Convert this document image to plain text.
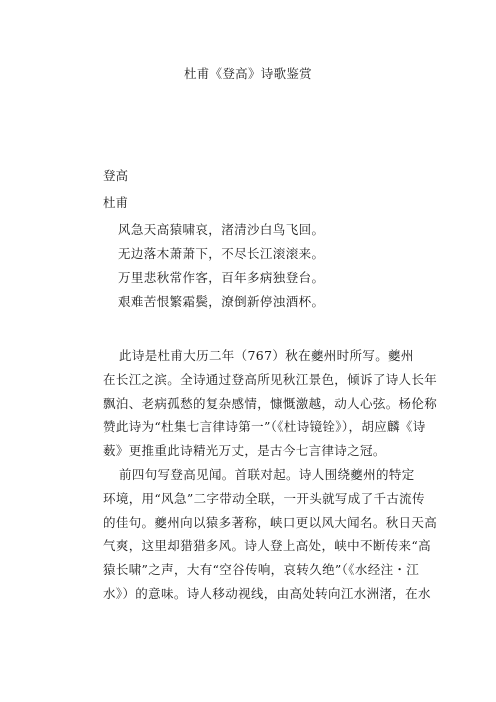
杜甫《登高》诗歌鉴赏
登高
杜甫
风急天高猿啸哀，渚清沙白鸟飞回。
无边落木萧萧下，不尽长江滚滚来。
万里悲秋常作客，百年多病独登台。
艰难苦恨繁霜鬓，潦倒新停浊酒杯。
此诗是杜甫大历二年（767）秋在夔州时所写。夔州
在长江之滨。全诗通过登高所见秋江景色，倾诉了诗人长年
飘泊、老病孤愁的复杂感情，慷慨激越，动人心弦。杨伦称
赞此诗为“杜集七言律诗第一”（《杜诗镜铨》），胡应麟《诗
薮》更推重此诗精光万丈，是古今七言律诗之冠。
前四句写登高见闻。首联对起。诗人围绕夔州的特定
环境，用“风急”二字带动全联，一开头就写成了千古流传
的佳句。夔州向以猿多著称，峡口更以风大闻名。秋日天高
气爽，这里却猎猎多风。诗人登上高处，峡中不断传来“高
猿长啸”之声，大有“空谷传响，哀转久绝”（《水经注・江
水》）的意味。诗人移动视线，由高处转向江水洲渚，在水
